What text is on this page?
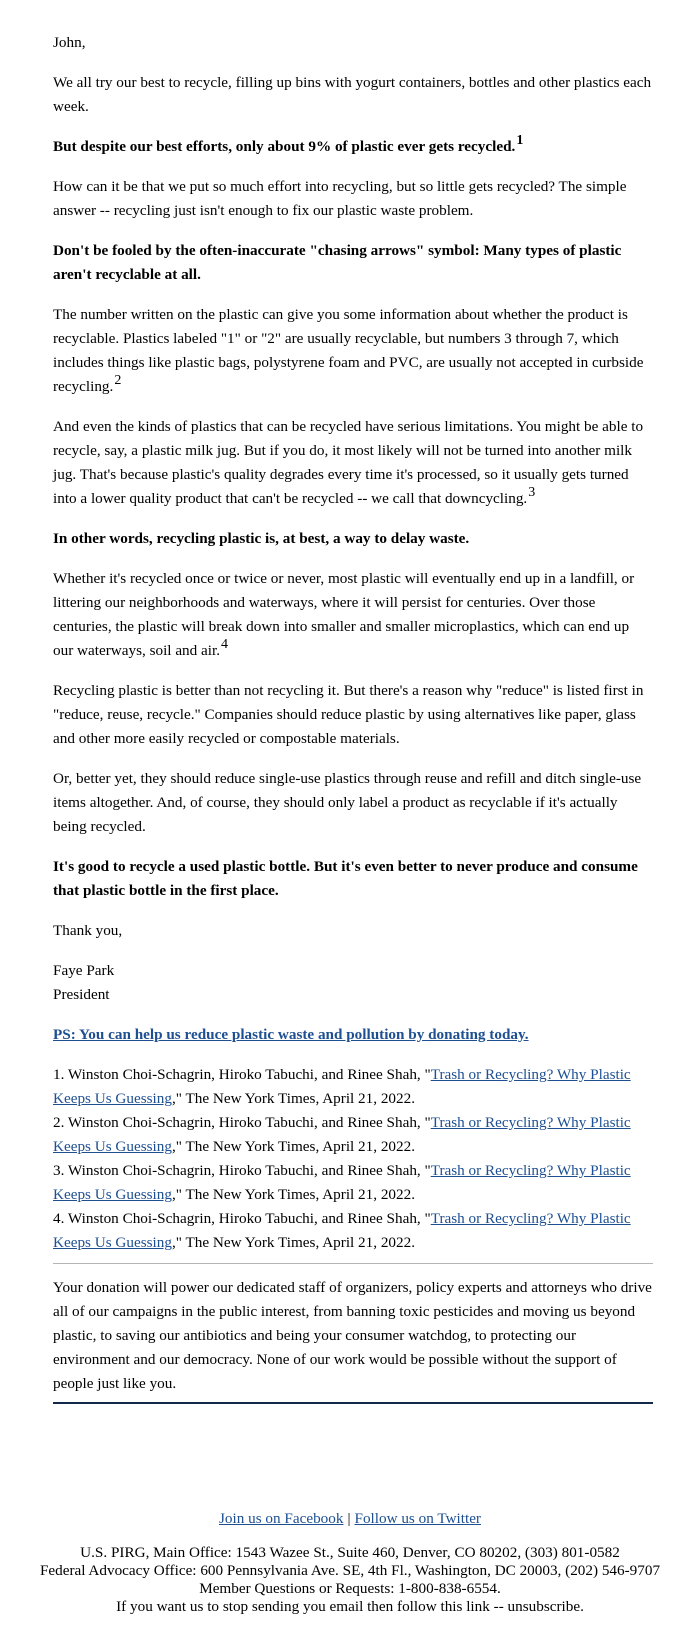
John,

We all try our best to recycle, filling up bins with yogurt containers, bottles and other plastics each week.

But despite our best efforts, only about 9% of plastic ever gets recycled.$^1$

How can it be that we put so much effort into recycling, but so little gets recycled? The simple answer -- recycling just isn't enough to fix our plastic waste problem.

Don't be fooled by the often-inaccurate "chasing arrows" symbol: Many types of plastic aren't recyclable at all.

The number written on the plastic can give you some information about whether the product is recyclable. Plastics labeled "1" or "2" are usually recyclable, but numbers 3 through 7, which includes things like plastic bags, polystyrene foam and PVC, are usually not accepted in curbside recycling.$^2$

And even the kinds of plastics that can be recycled have serious limitations. You might be able to recycle, say, a plastic milk jug. But if you do, it most likely will not be turned into another milk jug. That's because plastic's quality degrades every time it's processed, so it usually gets turned into a lower quality product that can't be recycled -- we call that downcycling.$^3$

In other words, recycling plastic is, at best, a way to delay waste.

Whether it's recycled once or twice or never, most plastic will eventually end up in a landfill, or littering our neighborhoods and waterways, where it will persist for centuries. Over those centuries, the plastic will break down into smaller and smaller microplastics, which can end up our waterways, soil and air.$^4$

Recycling plastic is better than not recycling it. But there's a reason why "reduce" is listed first in "reduce, reuse, recycle." Companies should reduce plastic by using alternatives like paper, glass and other more easily recycled or compostable materials.

Or, better yet, they should reduce single-use plastics through reuse and refill and ditch single-use items altogether. And, of course, they should only label a product as recyclable if it's actually being recycled.

It's good to recycle a used plastic bottle. But it's even better to never produce and consume that plastic bottle in the first place.

Thank you,

Faye Park
President

PS: You can help us reduce plastic waste and pollution by donating today.

1. Winston Choi-Schagrin, Hiroko Tabuchi, and Rinee Shah, "Trash or Recycling? Why Plastic Keeps Us Guessing," The New York Times, April 21, 2022.
2. Winston Choi-Schagrin, Hiroko Tabuchi, and Rinee Shah, "Trash or Recycling? Why Plastic Keeps Us Guessing," The New York Times, April 21, 2022.
3. Winston Choi-Schagrin, Hiroko Tabuchi, and Rinee Shah, "Trash or Recycling? Why Plastic Keeps Us Guessing," The New York Times, April 21, 2022.
4. Winston Choi-Schagrin, Hiroko Tabuchi, and Rinee Shah, "Trash or Recycling? Why Plastic Keeps Us Guessing," The New York Times, April 21, 2022.

Your donation will power our dedicated staff of organizers, policy experts and attorneys who drive all of our campaigns in the public interest, from banning toxic pesticides and moving us beyond plastic, to saving our antibiotics and being your consumer watchdog, to protecting our environment and our democracy. None of our work would be possible without the support of people just like you.

Join us on Facebook | Follow us on Twitter

U.S. PIRG, Main Office: 1543 Wazee St., Suite 460, Denver, CO 80202, (303) 801-0582

Federal Advocacy Office: 600 Pennsylvania Ave. SE, 4th Fl., Washington, DC 20003, (202) 546-9707

Member Questions or Requests: 1-800-838-6554.

If you want us to stop sending you email then follow this link -- unsubscribe.
